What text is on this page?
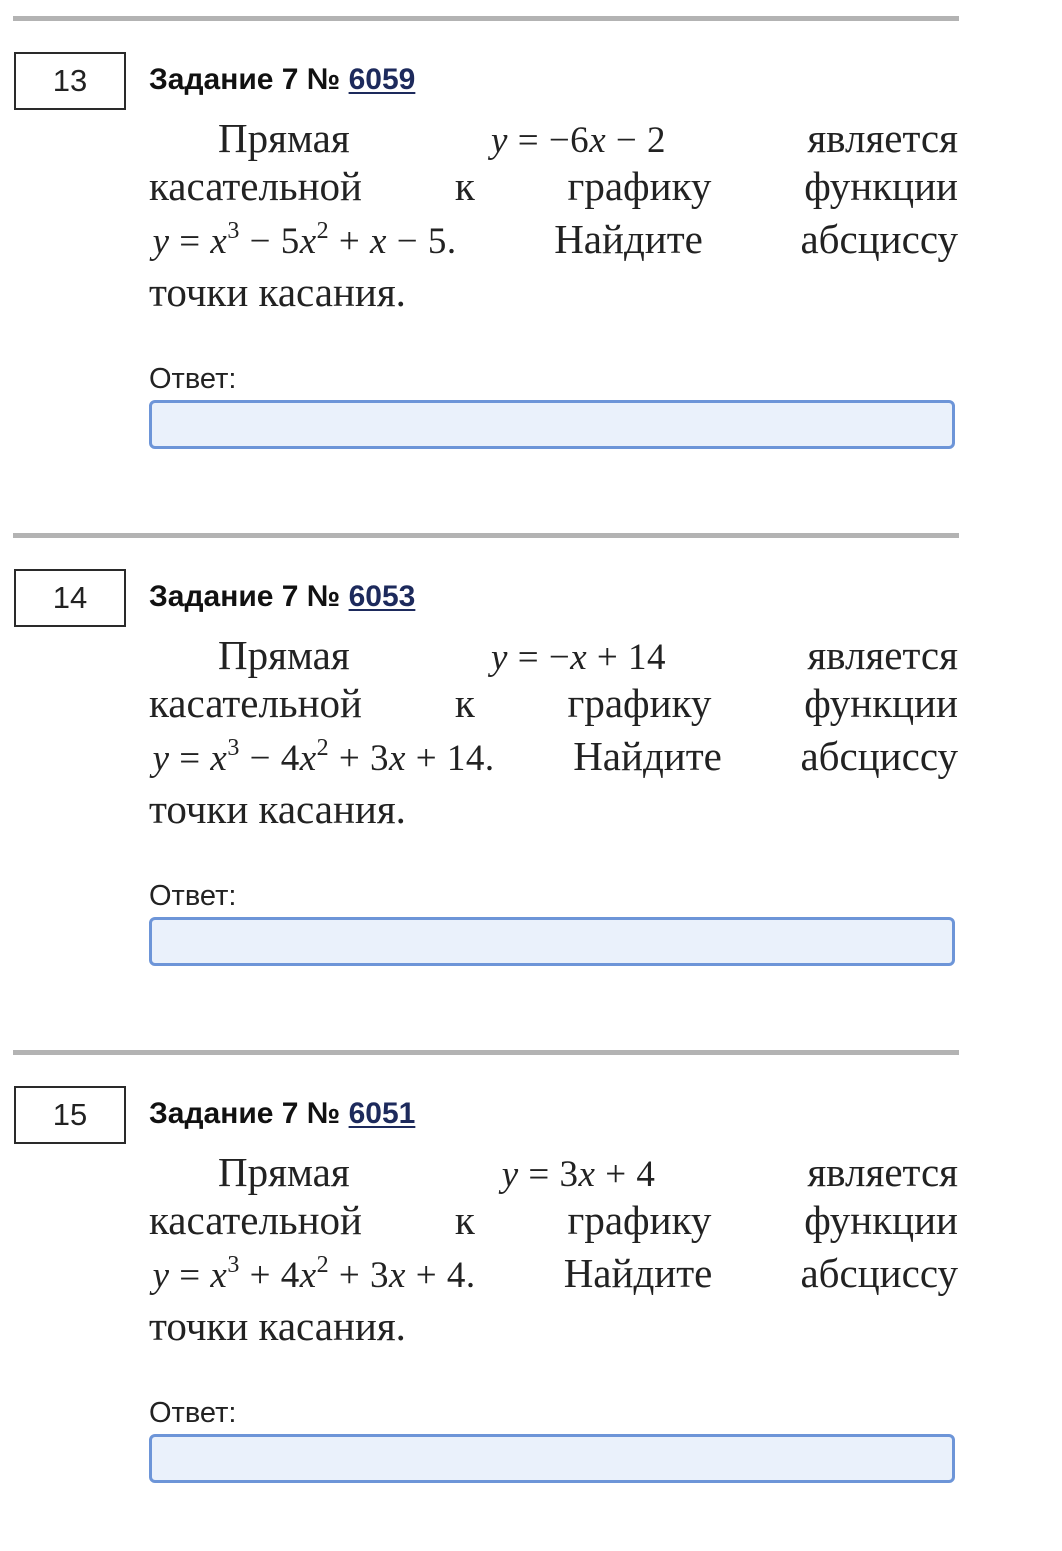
13	Задание 7 № 6059
Прямая	y = −6x − 2	является
касательной к графику функции
 $y = x^3 - 5x^2 + x - 5$. Найдите абсциссу
точки касания.
Ответ:
14	Задание 7 № 6053
Прямая	y = −x + 14	является
касательной к графику функции
 $y = x^3 - 4x^2 + 3x + 14$. Найдите абсциссу
точки касания.
Ответ:
15	Задание 7 № 6051
Прямая	y = 3x + 4	является
касательной к графику функции
 $y = x^3 + 4x^2 + 3x + 4$. Найдите абсциссу
точки касания.
Ответ:
